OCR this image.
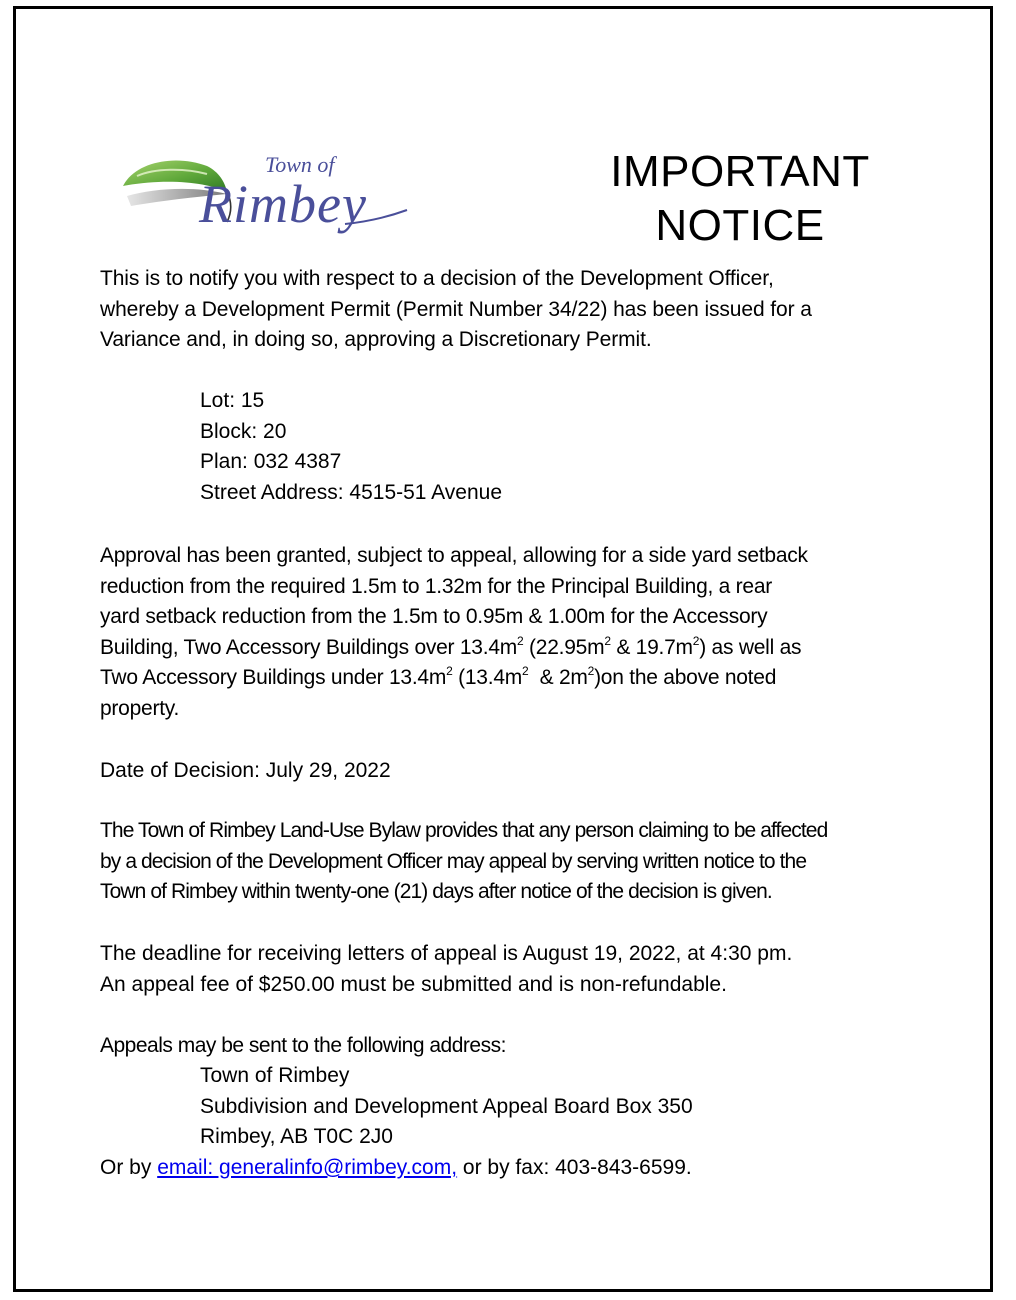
Town of
Rimbey
IMPORTANT
NOTICE

This is to notify you with respect to a decision of the Development Officer,
whereby a Development Permit (Permit Number 34/22) has been issued for a
Variance and, in doing so, approving a Discretionary Permit.

Lot: 15
Block: 20
Plan: 032 4387
Street Address: 4515-51 Avenue

Approval has been granted, subject to appeal, allowing for a side yard setback
reduction from the required 1.5m to 1.32m for the Principal Building, a rear
yard setback reduction from the 1.5m to 0.95m & 1.00m for the Accessory
Building, Two Accessory Buildings over $13.4m^2$ ($22.95m^2$ & $19.7m^2$) as well as
Two Accessory Buildings under $13.4m^2$ ($13.4m^2$  & $2m^2)on$ the above noted
property.

Date of Decision: July 29, 2022

The Town of Rimbey Land-Use Bylaw provides that any person claiming to be affected
by a decision of the Development Officer may appeal by serving written notice to the
Town of Rimbey within twenty-one (21) days after notice of the decision is given.

The deadline for receiving letters of appeal is August 19, 2022, at 4:30 pm.
An appeal fee of $250.00 must be submitted and is non-refundable.

Appeals may be sent to the following address:

Town of Rimbey
Subdivision and Development Appeal Board Box 350
Rimbey, AB T0C 2J0

Or by email: generalinfo@rimbey.com, or by fax: 403-843-6599.
